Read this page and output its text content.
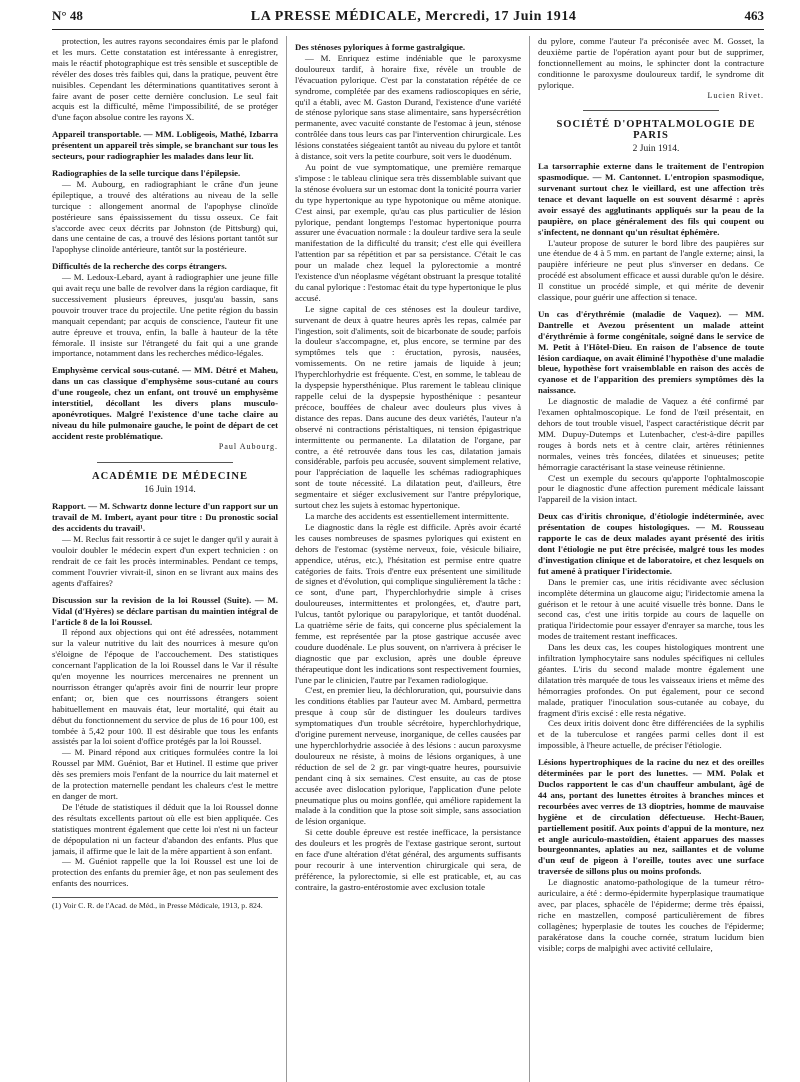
N° 48	LA PRESSE MÉDICALE, Mercredi, 17 Juin 1914	463

protection, les autres rayons secondaires émis par le plafond et les murs. Cette constatation est intéressante à enregistrer, mais le réactif photographique est très sensible et susceptible de révéler des doses très faibles qui, dans la pratique, peuvent être nuisibles. Cependant les déterminations quantitatives seront à faire avant de poser cette dernière conclusion. Le seul fait acquis est la difficulté, même l'impossibilité, de se protéger d'une façon absolue contre les rayons X.

Appareil transportable. — MM. Lobligeois, Mathé, Izbarra présentent un appareil très simple, se branchant sur tous les secteurs, pour radiographier les malades dans leur lit.

Radiographies de la selle turcique dans l'épilepsie.

— M. Aubourg, en radiographiant le crâne d'un jeune épileptique, a trouvé des altérations au niveau de la selle turcique : allongement anormal de l'apophyse clinoïde postérieure sans épaississement du tissu osseux. Ce fait s'accorde avec ceux décrits par Johnston (de Pittsburg) qui, dans une centaine de cas, a trouvé des lésions portant tantôt sur l'apophyse clinoïde antérieure, tantôt sur la postérieure.

Difficultés de la recherche des corps étrangers.

— M. Ledoux-Lebard, ayant à radiographier une jeune fille qui avait reçu une balle de revolver dans la région cardiaque, fit successivement plusieurs épreuves, jusqu'au bassin, sans pouvoir trouver trace du projectile. Une petite région du bassin manquait cependant; par acquis de conscience, l'auteur fit une autre épreuve et trouva, enfin, la balle à hauteur de la tête fémorale. Il insiste sur l'étrangeté du fait qui a une grande importance, notamment dans les recherches médico-légales.

Emphysème cervical sous-cutané. — MM. Détré et Maheu, dans un cas classique d'emphysème sous-cutané au cours d'une rougeole, chez un enfant, ont trouvé un emphysème interstitiel, décollant les divers plans musculo-aponévrotiques. Malgré l'existence d'une tache claire au niveau du hile pulmonaire gauche, le point de départ de cet accident reste problématique.

Paul Aubourg.

ACADÉMIE DE MÉDECINE

16 Juin 1914.

Rapport. — M. Schwartz donne lecture d'un rapport sur un travail de M. Imbert, ayant pour titre : Du pronostic social des accidents du travail¹.

— M. Reclus fait ressortir à ce sujet le danger qu'il y aurait à vouloir doubler le médecin expert d'un expert technicien : on rendrait de ce fait les procès interminables. Pendant ce temps, comment l'ouvrier vivrait-il, sinon en se livrant aux mains des agents d'affaires?

Discussion sur la revision de la loi Roussel (Suite). — M. Vidal (d'Hyères) se déclare partisan du maintien intégral de l'article 8 de la loi Roussel.

Il répond aux objections qui ont été adressées, notamment sur la valeur nutritive du lait des nourrices à mesure qu'on s'éloigne de l'époque de l'accouchement. Des statistiques concernant l'application de la loi Roussel dans le Var il résulte qu'en moyenne les nourrices mercenaires ne prennent un nourrisson étranger qu'après avoir fini de nourrir leur propre enfant; or, bien que ces nourrissons étrangers soient habituellement en mauvais état, leur mortalité, qui était au début du fonctionnement du service de plus de 16 pour 100, est tombée à 5,42 pour 100. Il est désirable que tous les enfants assistés par la loi soient d'office protégés par la loi Roussel.

— M. Pinard répond aux critiques formulées contre la loi Roussel par MM. Guéniot, Bar et Hutinel. Il estime que priver dès ses premiers mois l'enfant de la nourrice du lait maternel et de la protection maternelle pendant les chaleurs c'est le mettre en danger de mort.

De l'étude de statistiques il déduit que la loi Roussel donne des résultats excellents partout où elle est bien appliquée. Ces statistiques montrent également que cette loi n'est ni un facteur de dépopulation ni un facteur d'abandon des enfants. Plus que jamais, il affirme que le lait de la mère appartient à son enfant.

— M. Guéniot rappelle que la loi Roussel est une loi de protection des enfants du premier âge, et non pas seulement des enfants des nourrices.

(1) Voir C. R. de l'Acad. de Méd., in Presse Médicale, 1913, p. 824.

Des sténoses pyloriques à forme gastralgique.

— M. Enriquez estime indéniable que le paroxysme douloureux tardif, à horaire fixe, révèle un trouble de l'évacuation pylorique. C'est par la constatation répétée de ce syndrome, complétée par des examens radioscopiques en série, qu'il a établi, avec M. Gaston Durand, l'existence d'une variété de sténose pylorique sans stase alimentaire, sans hypersécrétion permanente, avec vacuité constante de l'estomac à jeun, sténose contrôlée dans tous leurs cas par l'intervention chirurgicale. Les lésions constatées siégeaient tantôt au niveau du pylore et tantôt à distance, soit vers la petite courbure, soit vers le duodénum.

Au point de vue symptomatique, une première remarque s'impose : le tableau clinique sera très dissemblable suivant que la sténose évoluera sur un estomac dont la tonicité pourra varier du type hypertonique au type hypotonique ou même atonique. C'est ainsi, par exemple, qu'au cas plus particulier de lésion pylorique, pendant longtemps l'estomac hypertonique pourra assurer une évacuation normale : la douleur tardive sera la seule manifestation de la difficulté du transit; c'est elle qui éveillera l'attention par sa répétition et par sa persistance. C'était le cas pour un malade chez lequel la pylorectomie a montré l'existence d'un néoplasme végétant obstruant la presque totalité du canal pylorique : l'estomac était du type hypertonique le plus accusé.

Le signe capital de ces sténoses est la douleur tardive, survenant de deux à quatre heures après les repas, calmée par l'ingestion, soit d'aliments, soit de bicarbonate de soude; parfois la douleur s'accompagne, et, plus encore, se termine par des symptômes tels que : éructation, pyrosis, nausées, vomissements. On ne retire jamais de liquide à jeun; l'hyperchlorhydrie est fréquente. C'est, en somme, le tableau de la dyspepsie hypersthénique. Plus rarement le tableau clinique rappelle celui de la dyspepsie hyposthénique : pesanteur précoce, bouffées de chaleur avec douleurs plus vives à distance des repas. Dans aucune des deux variétés, l'auteur n'a observé ni contractions péristaltiques, ni tension épigastrique intermittente ou permanente. La dilatation de l'organe, par contre, a été retrouvée dans tous les cas, dilatation jamais considérable, parfois peu accusée, souvent simplement relative, pour l'appréciation de laquelle les schémas radiographiques sont de toute nécessité. La dilatation peut, d'ailleurs, être segmentaire et siéger exclusivement sur l'antre prépylorique, surtout chez les sujets à estomac hypertonique.

La marche des accidents est essentiellement intermittente.

Le diagnostic dans la règle est difficile. Après avoir écarté les causes nombreuses de spasmes pyloriques qui existent en dehors de l'estomac (système nerveux, foie, vésicule biliaire, appendice, utérus, etc.), l'hésitation est permise entre quatre catégories de faits. Trois d'entre eux présentent une similitude de signes et d'évolution, qui complique singulièrement la tâche : ce sont, d'une part, l'hyperchlorhydrie simple à crises douloureuses, intermittentes et prolongées, et, d'autre part, l'ulcus, tantôt pylorique ou parapylorique, et tantôt duodénal. La quatrième série de faits, qui concerne plus spécialement la femme, est représentée par la ptose gastrique accusée avec coudure duodénale. Le plus souvent, on n'arrivera à préciser le diagnostic que par exclusion, après une double épreuve thérapeutique dont les indications sont respectivement fournies, l'une par le clinicien, l'autre par l'examen radiologique.

C'est, en premier lieu, la déchloruration, qui, poursuivie dans les conditions établies par l'auteur avec M. Ambard, permettra presque à coup sûr de distinguer les douleurs tardives symptomatiques d'un trouble sécrétoire, hyperchlorhydrique, d'origine purement nerveuse, inorganique, de celles causées par une hyperchlorhydrie associée à des lésions : aucun paroxysme douloureux ne résiste, à moins de lésions organiques, à une réduction de sel de 2 gr. par vingt-quatre heures, poursuivie pendant cinq à six semaines. C'est ensuite, au cas de ptose accusée avec dislocation pylorique, l'application d'une pelote pneumatique plus ou moins gonflée, qui améliore rapidement la malade à la condition que la ptose soit simple, sans association de lésion organique.

Si cette double épreuve est restée inefficace, la persistance des douleurs et les progrès de l'extase gastrique seront, surtout en face d'une altération d'état général, des arguments suffisants pour recourir à une intervention chirurgicale qui sera, de préférence, la pylorectomie, si elle est praticable, et, au cas contraire, la gastro-entérostomie avec exclusion totale

du pylore, comme l'auteur l'a préconisée avec M. Gosset, la deuxième partie de l'opération ayant pour but de supprimer, fonctionnellement au moins, le sphincter dont la contracture conditionne le paroxysme douloureux tardif, le syndrome dit pylorique.

Lucien Rivet.

SOCIÉTÉ D'OPHTALMOLOGIE DE PARIS

2 Juin 1914.

La tarsorraphie externe dans le traitement de l'entropion spasmodique. — M. Cantonnet. L'entropion spasmodique, survenant surtout chez le vieillard, est une affection très tenace et devant laquelle on est souvent désarmé : après avoir essayé des agglutinants appliqués sur la peau de la paupière, on place généralement des fils qui coupent ou s'infectent, ne donnant qu'un résultat éphémère.

L'auteur propose de suturer le bord libre des paupières sur une étendue de 4 à 5 mm. en partant de l'angle externe; ainsi, la paupière inférieure ne peut plus s'inverser en dedans. Ce procédé est absolument efficace et aussi durable qu'on le désire. Il constitue un procédé simple, et qui mérite de devenir classique, pour guérir une affection si tenace.

Un cas d'érythrémie (maladie de Vaquez). — MM. Dantrelle et Avezou présentent un malade atteint d'érythrémie à forme congénitale, soigné dans le service de M. Petit à l'Hôtel-Dieu. En raison de l'absence de toute lésion cardiaque, on avait éliminé l'hypothèse d'une maladie bleue, hypothèse fort vraisemblable en raison des accès de cyanose et de l'apparition des premiers symptômes dès la naissance.

Le diagnostic de maladie de Vaquez a été confirmé par l'examen ophtalmoscopique. Le fond de l'œil présentait, en dehors de tout trouble visuel, l'aspect caractéristique décrit par MM. Dupuy-Dutemps et Lutenbacher, c'est-à-dire papilles rouges à bords nets et à centre clair, artères rétiniennes normales, veines très foncées, dilatées et sinueuses; petite hémorragie caractérisant la stase veineuse rétinienne.

C'est un exemple du secours qu'apporte l'ophtalmoscopie pour le diagnostic d'une affection purement médicale laissant l'appareil de la vision intact.

Deux cas d'iritis chronique, d'étiologie indéterminée, avec présentation de coupes histologiques. — M. Rousseau rapporte le cas de deux malades ayant présenté des iritis dont l'étiologie ne put être précisée, malgré tous les modes d'investigation clinique et de laboratoire, et chez lesquels on fut amené à pratiquer l'iridectomie.

Dans le premier cas, une iritis récidivante avec séclusion incomplète détermina un glaucome aigu; l'iridectomie amena la guérison et le retour à une acuité visuelle très bonne. Dans le second cas, c'est une iritis torpide au cours de laquelle on pratiqua l'iridectomie pour essayer d'enrayer sa marche, tous les modes de traitement restant inefficaces.

Dans les deux cas, les coupes histologiques montrent une infiltration lymphocytaire sans nodules spécifiques ni cellules géantes. L'iris du second malade montre également une dilatation très marquée de tous les vaisseaux iriens et même des hémorragies profondes. On put également, pour ce second malade, pratiquer l'inoculation sous-cutanée au cobaye, du fragment d'iris excisé : elle resta négative.

Ces deux iritis doivent donc être différenciées de la syphilis et de la tuberculose et rangées parmi celles dont il est impossible, à l'heure actuelle, de préciser l'étiologie.

Lésions hypertrophiques de la racine du nez et des oreilles déterminées par le port des lunettes. — MM. Polak et Duclos rapportent le cas d'un chauffeur ambulant, âgé de 44 ans, portant des lunettes étroites à branches minces et recourbées avec verres de 13 dioptries, homme de mauvaise hygiène et de circulation défectueuse. Hecht-Bauer, partiellement positif. Aux points d'appui de la monture, nez et angle auriculo-mastoïdien, étaient apparues des masses bourgeonnantes, aplaties au nez, saillantes et de volume d'un œuf de pigeon à l'oreille, toutes avec une surface traversée de sillons plus ou moins profonds.

Le diagnostic anatomo-pathologique de la tumeur rétro-auriculaire, a été : dermo-épidermite hyperplasique traumatique avec, par places, sphacèle de l'épiderme; derme très épaissi, riche en mastzellen, composé particulièrement de fibres collagènes; hyperplasie de toutes les couches de l'épiderme; parakératose dans la couche cornée, stratum lucidum bien visible; corps de malpighi avec activité cellulaire,
